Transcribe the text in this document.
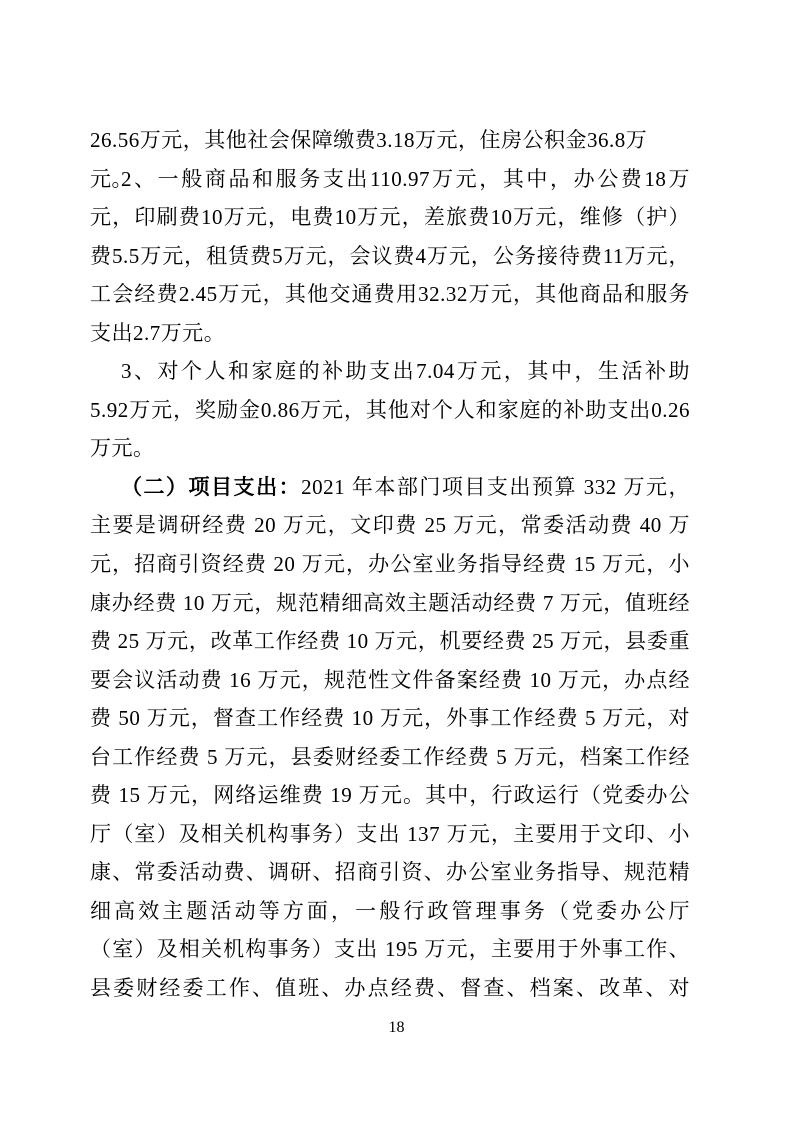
26.56万元，其他社会保障缴费3.18万元，住房公积金36.8万元。
2、一般商品和服务支出110.97万元，其中，办公费18万
元，印刷费10万元，电费10万元，差旅费10万元，维修（护）
费5.5万元，租赁费5万元，会议费4万元，公务接待费11万元，
工会经费2.45万元，其他交通费用32.32万元，其他商品和服务
支出2.7万元。
3、对个人和家庭的补助支出7.04万元，其中，生活补助
5.92万元，奖励金0.86万元，其他对个人和家庭的补助支出0.26
万元。
（二）项目支出：2021 年本部门项目支出预算 332 万元，
主要是调研经费 20 万元，文印费 25 万元，常委活动费 40 万
元，招商引资经费 20 万元，办公室业务指导经费 15 万元，小
康办经费 10 万元，规范精细高效主题活动经费 7 万元，值班经
费 25 万元，改革工作经费 10 万元，机要经费 25 万元，县委重
要会议活动费 16 万元，规范性文件备案经费 10 万元，办点经
费 50 万元，督查工作经费 10 万元，外事工作经费 5 万元，对
台工作经费 5 万元，县委财经委工作经费 5 万元，档案工作经
费 15 万元，网络运维费 19 万元。其中，行政运行（党委办公
厅（室）及相关机构事务）支出 137 万元，主要用于文印、小
康、常委活动费、调研、招商引资、办公室业务指导、规范精
细高效主题活动等方面，一般行政管理事务（党委办公厅
（室）及相关机构事务）支出 195 万元，主要用于外事工作、
县委财经委工作、值班、办点经费、督查、档案、改革、对
18
